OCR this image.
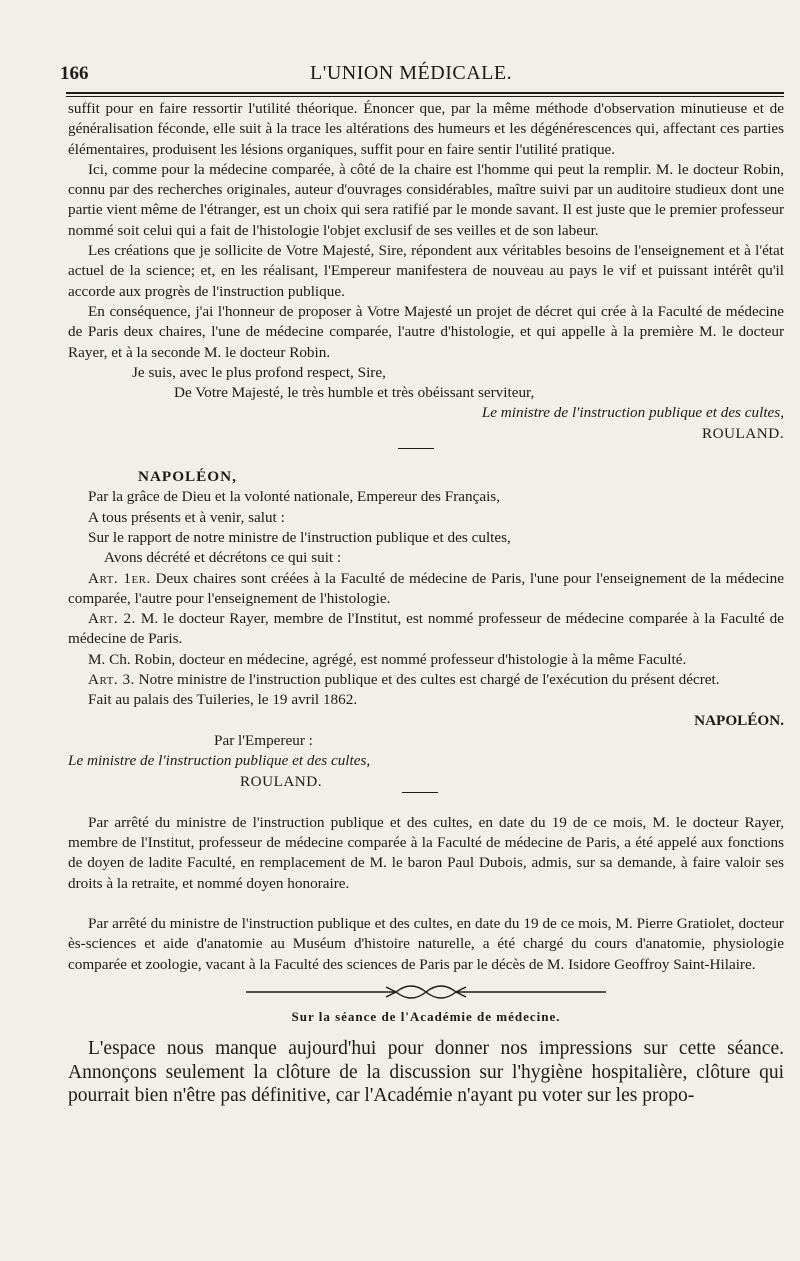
166	L'UNION MÉDICALE.

suffit pour en faire ressortir l'utilité théorique. Énoncer que, par la même méthode d'observation minutieuse et de généralisation féconde, elle suit à la trace les altérations des humeurs et les dégénérescences qui, affectant ces parties élémentaires, produisent les lésions organiques, suffit pour en faire sentir l'utilité pratique.

Ici, comme pour la médecine comparée, à côté de la chaire est l'homme qui peut la remplir. M. le docteur Robin, connu par des recherches originales, auteur d'ouvrages considérables, maître suivi par un auditoire studieux dont une partie vient même de l'étranger, est un choix qui sera ratifié par le monde savant. Il est juste que le premier professeur nommé soit celui qui a fait de l'histologie l'objet exclusif de ses veilles et de son labeur.

Les créations que je sollicite de Votre Majesté, Sire, répondent aux véritables besoins de l'enseignement et à l'état actuel de la science; et, en les réalisant, l'Empereur manifestera de nouveau au pays le vif et puissant intérêt qu'il accorde aux progrès de l'instruction publique.

En conséquence, j'ai l'honneur de proposer à Votre Majesté un projet de décret qui crée à la Faculté de médecine de Paris deux chaires, l'une de médecine comparée, l'autre d'histologie, et qui appelle à la première M. le docteur Rayer, et à la seconde M. le docteur Robin.

Je suis, avec le plus profond respect, Sire,

De Votre Majesté, le très humble et très obéissant serviteur,

Le ministre de l'instruction publique et des cultes,

ROULAND.

NAPOLÉON,

Par la grâce de Dieu et la volonté nationale, Empereur des Français,

A tous présents et à venir, salut :

Sur le rapport de notre ministre de l'instruction publique et des cultes,

Avons décrété et décrétons ce qui suit :

Art. 1er. Deux chaires sont créées à la Faculté de médecine de Paris, l'une pour l'enseignement de la médecine comparée, l'autre pour l'enseignement de l'histologie.

Art. 2. M. le docteur Rayer, membre de l'Institut, est nommé professeur de médecine comparée à la Faculté de médecine de Paris.

M. Ch. Robin, docteur en médecine, agrégé, est nommé professeur d'histologie à la même Faculté.

Art. 3. Notre ministre de l'instruction publique et des cultes est chargé de l'exécution du présent décret.

Fait au palais des Tuileries, le 19 avril 1862.

NAPOLÉON.

Par l'Empereur :

Le ministre de l'instruction publique et des cultes,

ROULAND.

Par arrêté du ministre de l'instruction publique et des cultes, en date du 19 de ce mois, M. le docteur Rayer, membre de l'Institut, professeur de médecine comparée à la Faculté de médecine de Paris, a été appelé aux fonctions de doyen de ladite Faculté, en remplacement de M. le baron Paul Dubois, admis, sur sa demande, à faire valoir ses droits à la retraite, et nommé doyen honoraire.

Par arrêté du ministre de l'instruction publique et des cultes, en date du 19 de ce mois, M. Pierre Gratiolet, docteur ès-sciences et aide d'anatomie au Muséum d'histoire naturelle, a été chargé du cours d'anatomie, physiologie comparée et zoologie, vacant à la Faculté des sciences de Paris par le décès de M. Isidore Geoffroy Saint-Hilaire.

Sur la séance de l'Académie de médecine.

L'espace nous manque aujourd'hui pour donner nos impressions sur cette séance. Annonçons seulement la clôture de la discussion sur l'hygiène hospitalière, clôture qui pourrait bien n'être pas définitive, car l'Académie n'ayant pu voter sur les propo-
